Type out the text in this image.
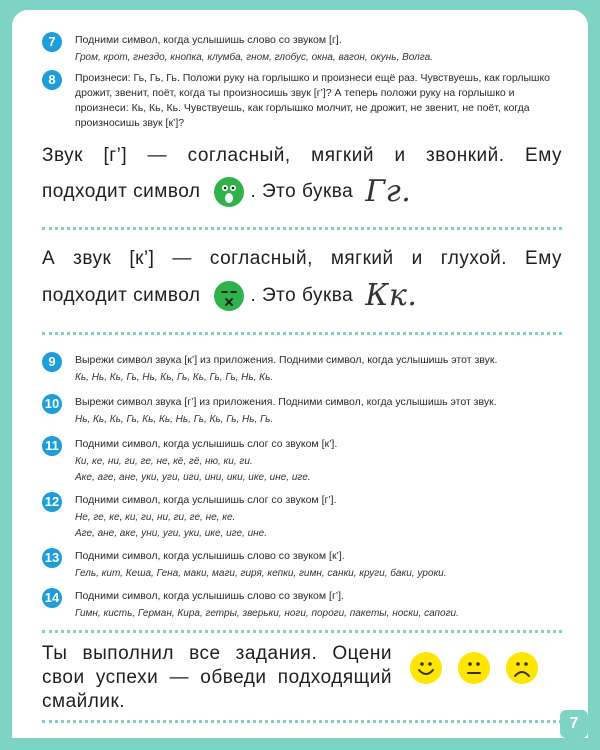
7	Подними символ, когда услышишь слово со звуком [г].
Гром, крот, гнездо, кнопка, клумба, гном, глобус, окна, вагон, окунь, Волга.
8	Произнеси: Гь, Гь, Гь. Положи руку на горлышко и произнеси ещё раз. Чувствуешь, как горлышко дрожит, звенит, поёт, когда ты произносишь звук [г’]? А теперь положи руку на горлышко и произнеси: Кь, Кь, Кь. Чувствуешь, как горлышко молчит, не дрожит, не звенит, не поёт, когда произносишь звук [к’]?
Звук [г’] — согласный, мягкий и звонкий. Ему
подходит символ	. Это буква Гг.
А звук [к’] — согласный, мягкий и глухой. Ему
подходит символ	. Это буква Кк.
9	Вырежи символ звука [к’] из приложения. Подними символ, когда услышишь этот звук.
Кь, Нь, Кь, Гь, Нь, Кь, Гь, Кь, Гь, Гь, Нь, Кь.
10 Вырежи символ звука [г’] из приложения. Подними символ, когда услышишь этот звук.
Нь, Кь, Кь, Гь, Кь, Кь, Нь, Гь, Кь, Гь, Нь, Гь.
11 Подними символ, когда услышишь слог со звуком [к’].
Ки, ке, ни, ги, ге, не, кё, гё, ню, ки, ги.
Аке, аге, ане, уки, уги, иги, ини, ики, ике, ине, иге.
12 Подними символ, когда услышишь слог со звуком [г’].
Не, ге, ке, ки, ги, ни, ги, ге, не, ке.
Аге, ане, аке, уни, уги, уки, ике, иге, ине.
13 Подними символ, когда услышишь слово со звуком [к’].
Гель, кит, Кеша, Гена, маки, маги, гиря, кепки, гимн, санки, круги, баки, уроки.
14 Подними символ, когда услышишь слово со звуком [г’].
Гимн, кисть, Герман, Кира, гетры, зверьки, ноги, пороги, пакеты, носки, сапоги.
Ты выполнил все задания. Оцени
свои успехи — обведи подходящий
смайлик.
7
